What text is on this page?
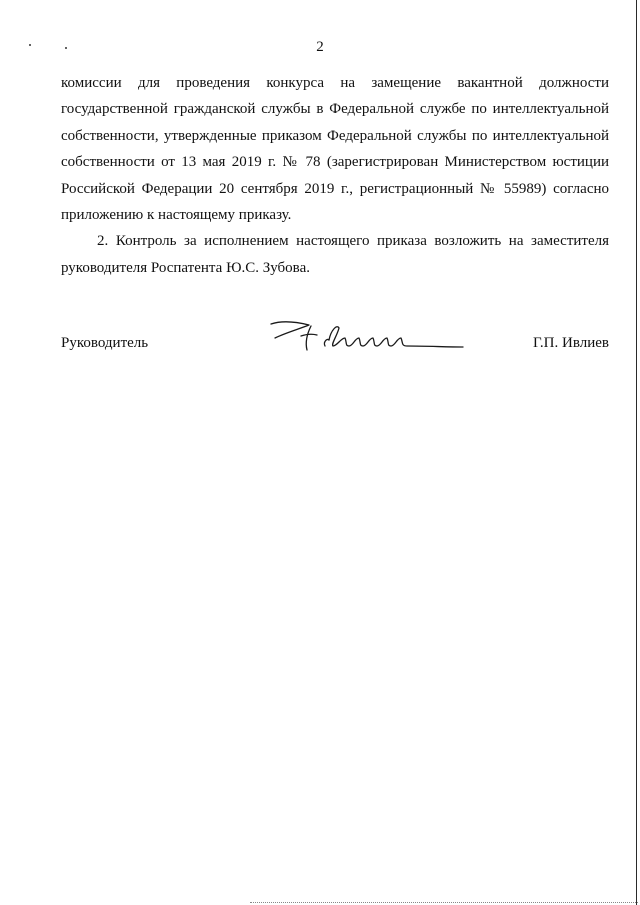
2
комиссии для проведения конкурса на замещение вакантной должности
государственной гражданской службы в Федеральной службе по интеллектуальной
собственности, утвержденные приказом Федеральной службы по интеллектуальной
собственности от 13 мая 2019 г. № 78 (зарегистрирован Министерством юстиции
Российской Федерации 20 сентября 2019 г., регистрационный № 55989) согласно
приложению к настоящему приказу.
2. Контроль за исполнением настоящего приказа возложить на заместителя
руководителя Роспатента Ю.С. Зубова.
Руководитель	Г.П. Ивлиев
